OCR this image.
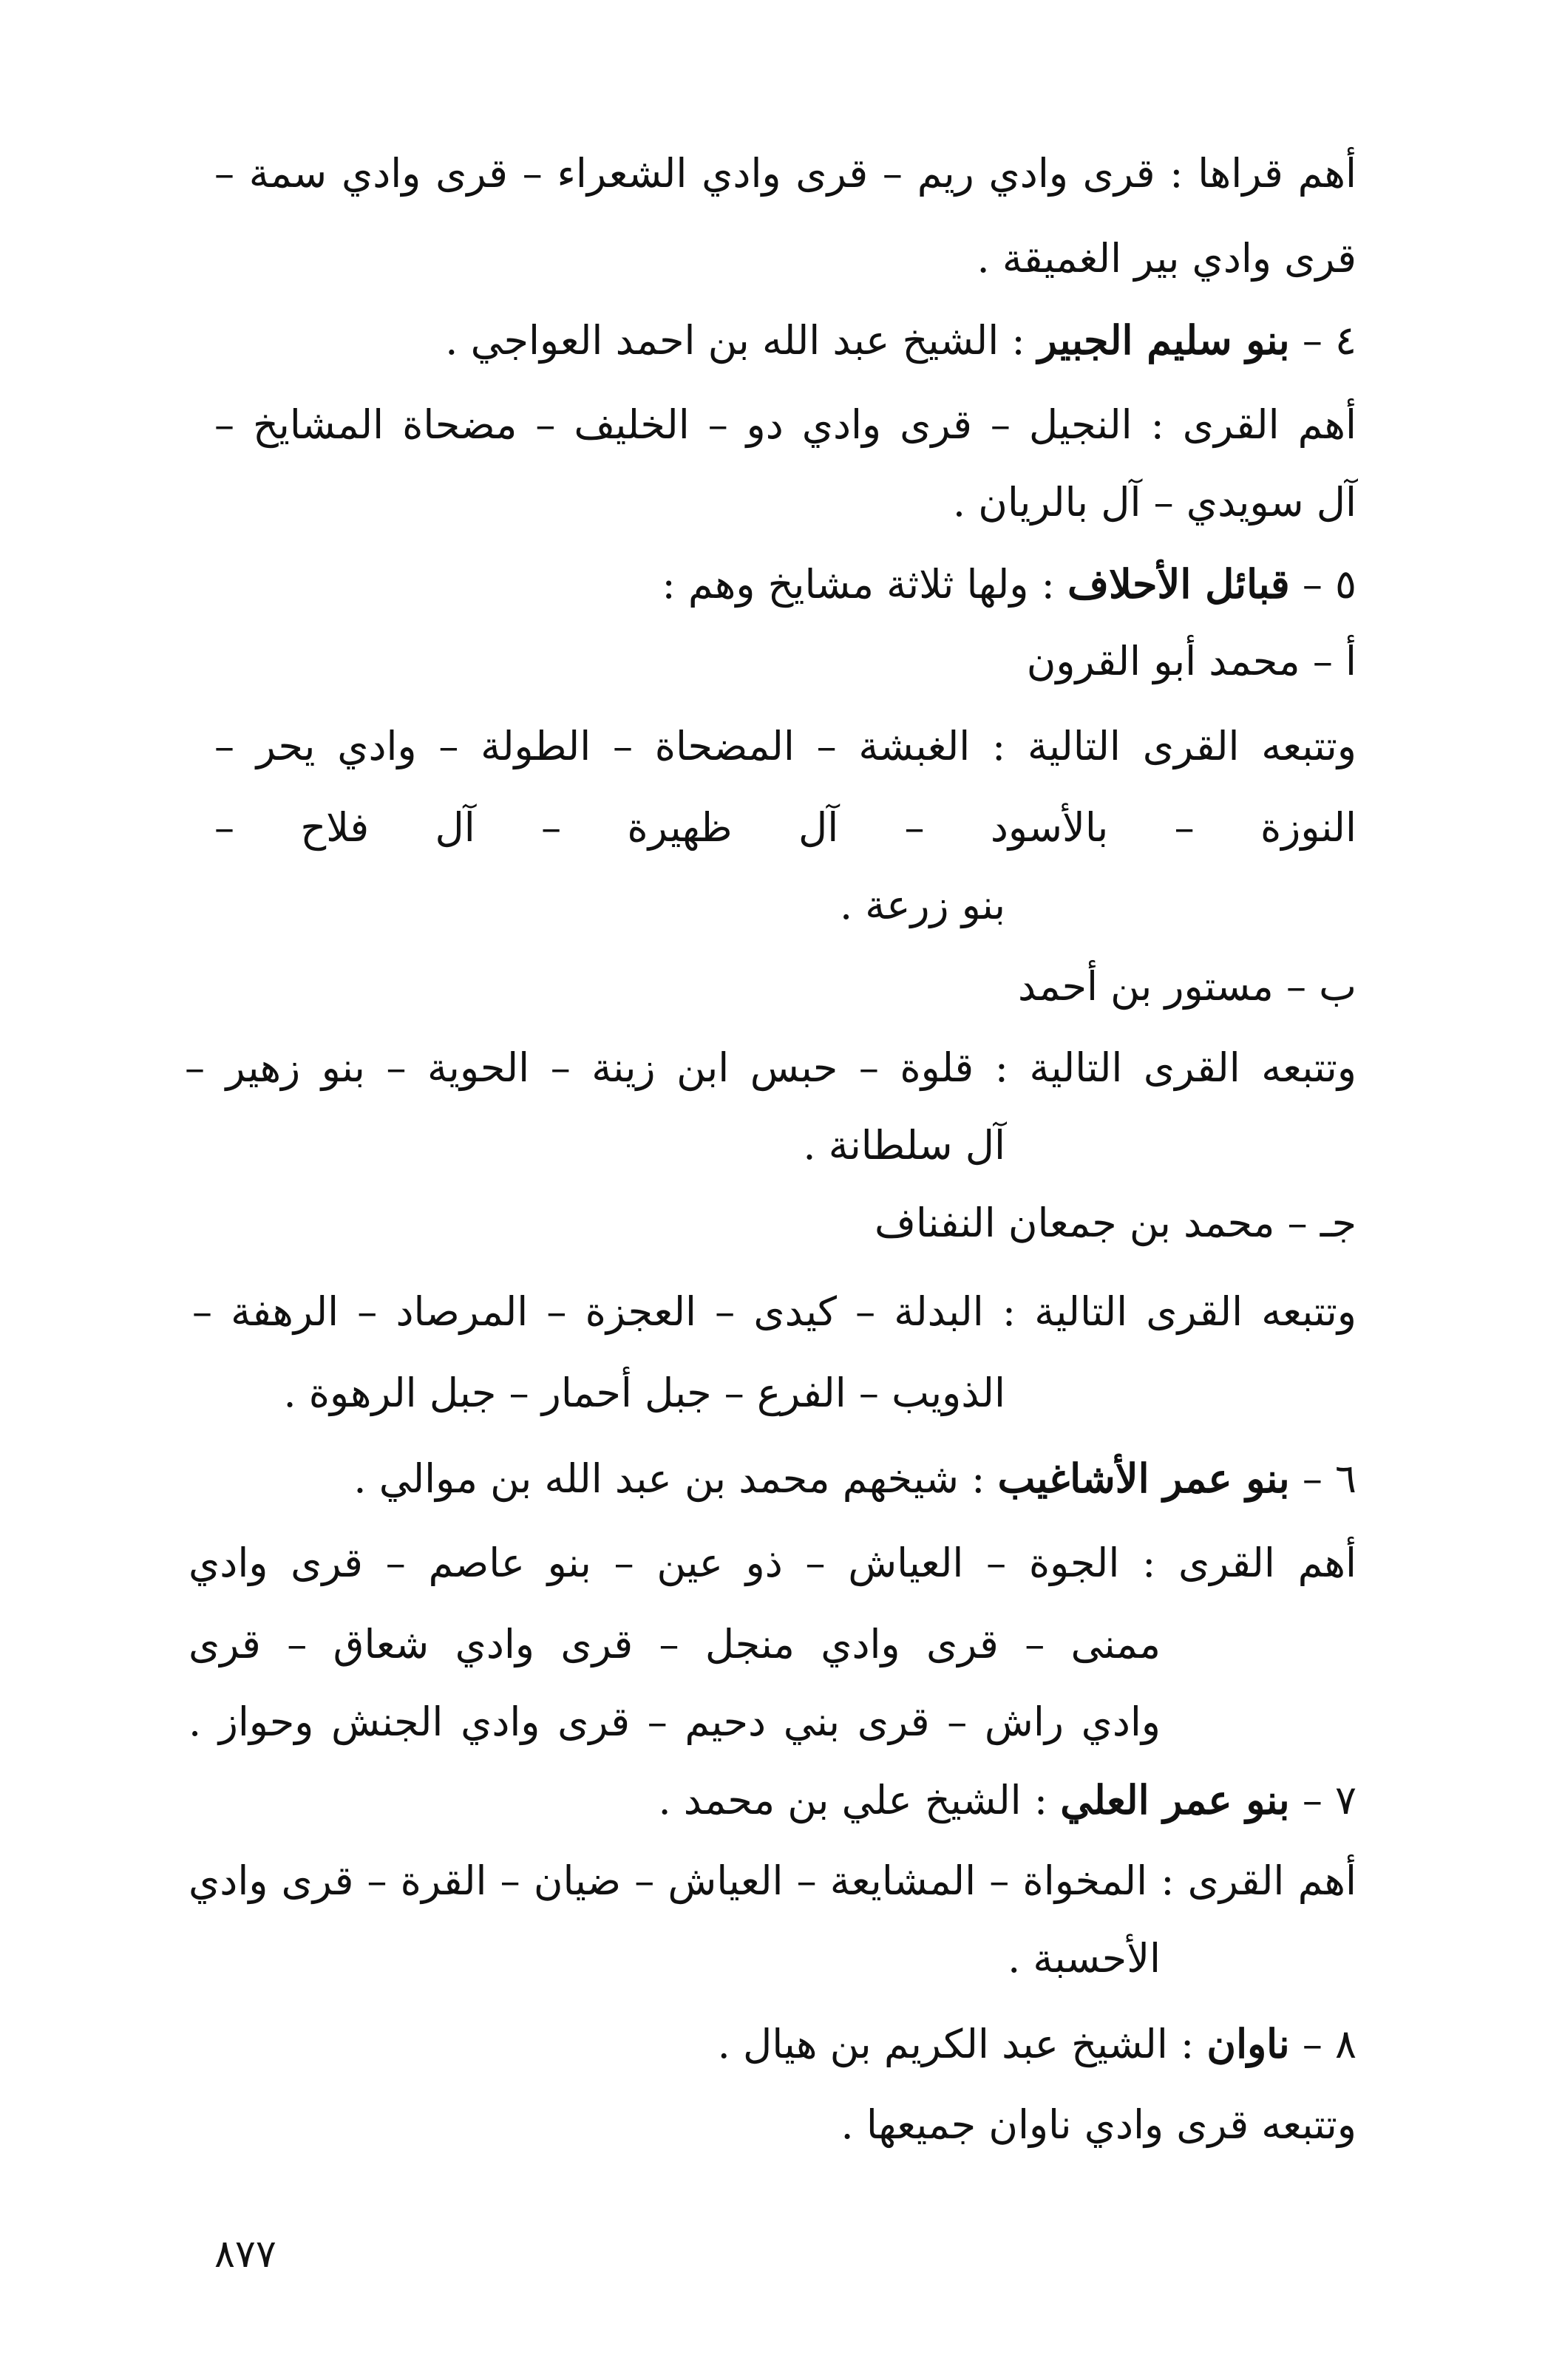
أهم قراها : قرى وادي ريم – قرى وادي الشعراء – قرى وادي سمة –
قرى وادي بير الغميقة .
٤ – بنو سليم الجبير : الشيخ عبد الله بن احمد العواجي .
أهم القرى : النجيل – قرى وادي دو – الخليف – مضحاة المشايخ –
آل سويدي – آل بالريان .
٥ – قبائل الأحلاف : ولها ثلاثة مشايخ وهم :
أ – محمد أبو القرون
وتتبعه القرى التالية : الغبشة – المضحاة – الطولة – وادي يحر –
النوزة – بالأسود – آل ظهيرة – آل فلاح –
بنو زرعة .
ب – مستور بن أحمد
وتتبعه القرى التالية : قلوة – حبس ابن زينة – الحوية – بنو زهير –
آل سلطانة .
جـ – محمد بن جمعان النفناف
وتتبعه القرى التالية : البدلة – كيدى – العجزة – المرصاد – الرهفة –
الذويب – الفرع – جبل أحمار – جبل الرهوة .
٦ – بنو عمر الأشاغيب : شيخهم محمد بن عبد الله بن موالي .
أهم القرى : الجوة – العياش – ذو عين – بنو عاصم – قرى وادي
ممنى – قرى وادي منجل – قرى وادي شعاق – قرى
وادي راش – قرى بني دحيم – قرى وادي الجنش وحواز .
٧ – بنو عمر العلي : الشيخ علي بن محمد .
أهم القرى : المخواة – المشايعة – العياش – ضيان – القرة – قرى وادي
الأحسبة .
٨ – ناوان : الشيخ عبد الكريم بن هيال .
وتتبعه قرى وادي ناوان جميعها .
٨٧٧
